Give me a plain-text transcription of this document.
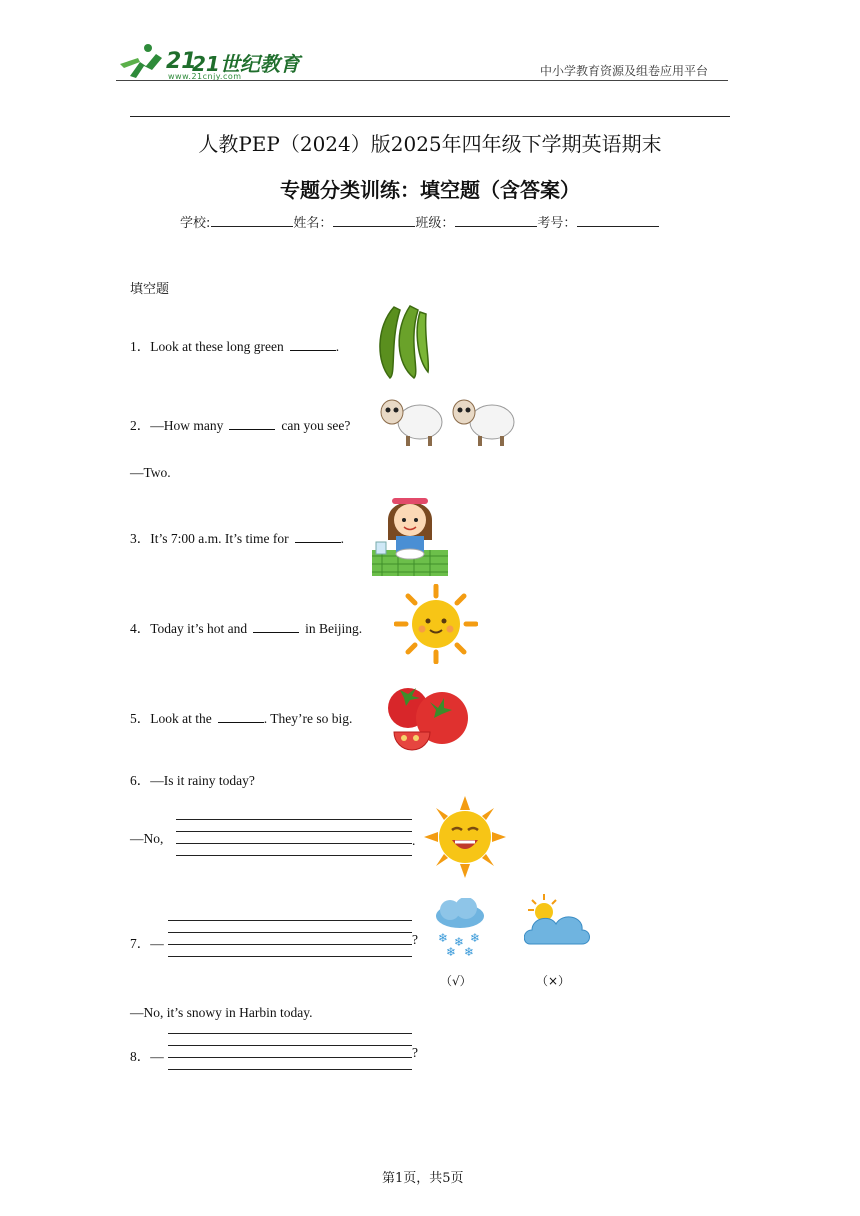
21
21世纪教育
www.21cnjy.com	中小学教育资源及组卷应用平台
人教PEP（2024）版2025年四年级下学期英语期末
专题分类训练：填空题（含答案）
学校:	姓名：	班级：	考号：
填空题
1．Look at these long green	.
2．—How many	can you see?
—Two.
3．It’s 7:00 a.m. It’s time for	.
4．Today it’s hot and	in Beijing.
5．Look at the	. They’re so big.
6．—Is it rainy today?
—No,	.
7．—	? ❄ ❄ ❄
❄ ❄
（√）	（×）
—No, it’s snowy in Harbin today.
8．—	?
第1页，共5页
